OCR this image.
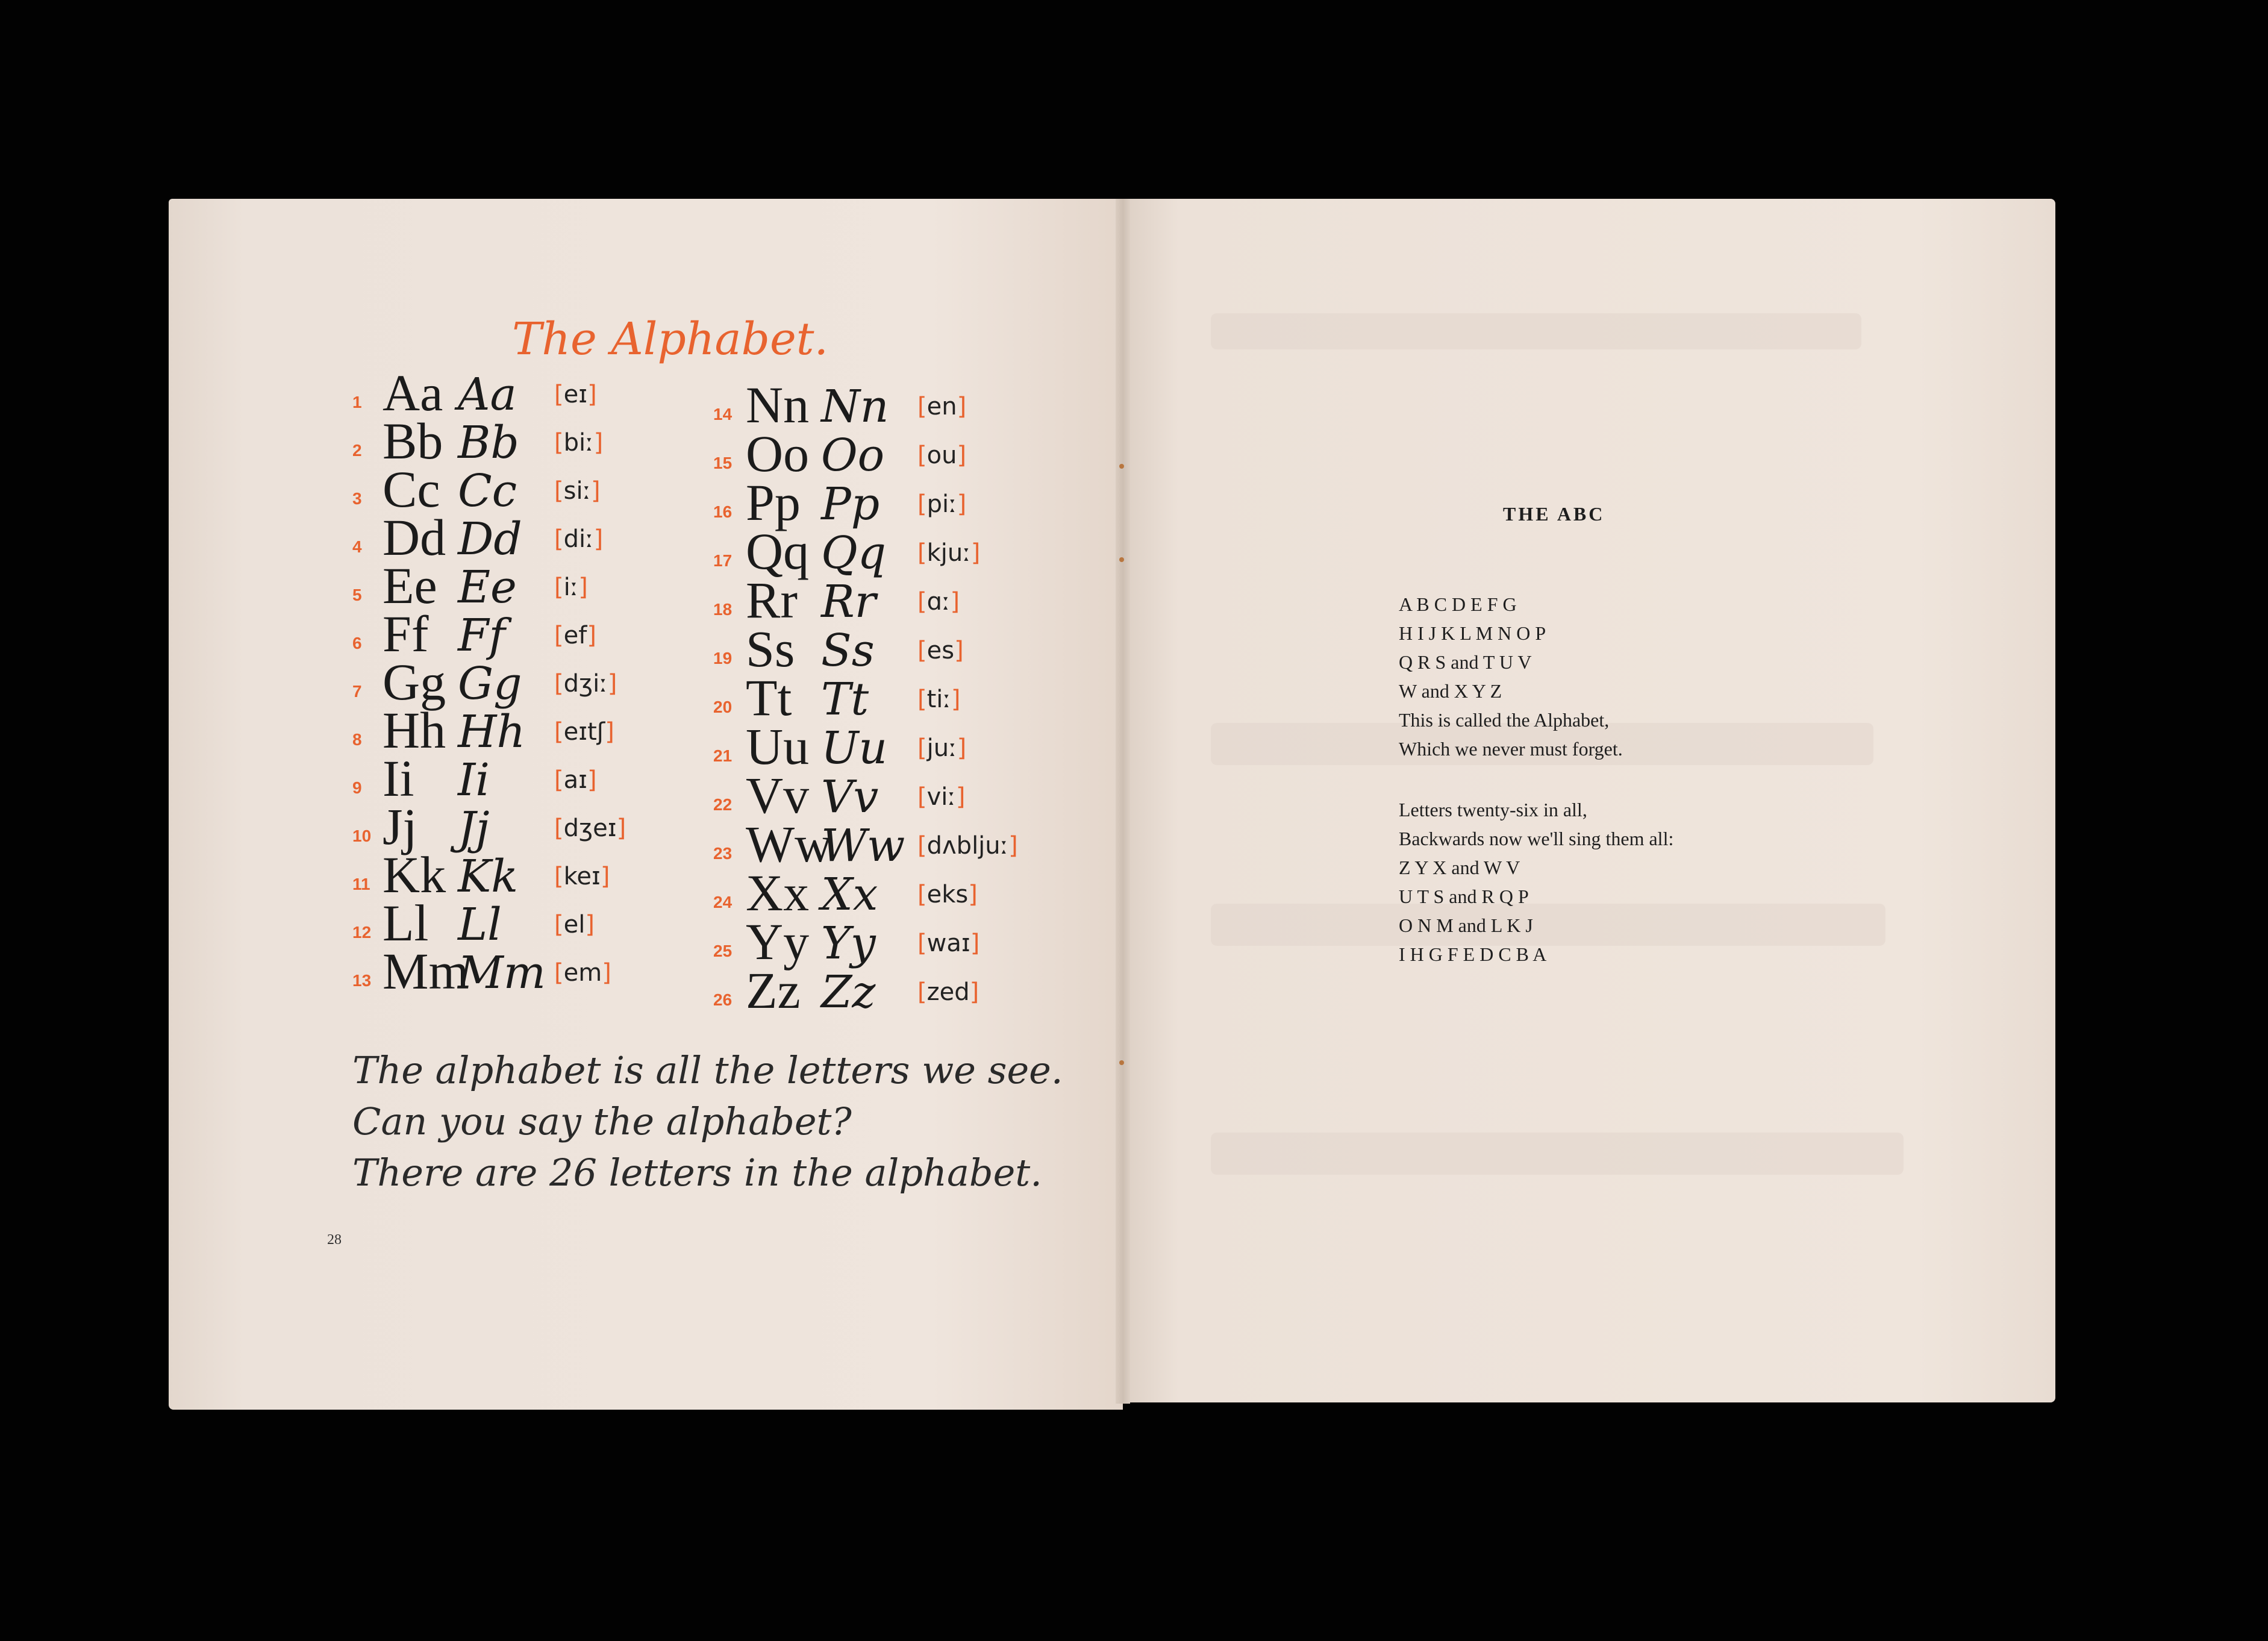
The Alphabet.
1 Aa Aa [eɪ]
2 Bb Bb [biː]
3 Cc Cc [siː]
4 Dd Dd [diː]
5 Ee Ee [iː]
6 Ff Ff [ef]
7 Gg Gg [dʒiː]
8 Hh Hh [eɪtʃ]
9 Ii Ii	[aɪ]
10 Jj Jj	[dʒeɪ]
11 Kk Kk [keɪ]
12 Ll Ll [el]
13 Mm
Mm [em]
14 Nn Nn [en]
15 Oo Oo [ou]
16 Pp Pp [piː]
17 Qq Qq [kjuː]
18 Rr Rr [ɑː]
19 Ss Ss [es]
20 Tt Tt [tiː]
21 Uu Uu [juː]
22 Vv Vv [viː]
23 Ww
Ww [dʌbljuː]
24 Xx Xx [eks]
25 Yy Yy [waɪ]
26 Zz Zz [zed]
The alphabet is all the letters we see.
Can you say the alphabet?
There are 26 letters in the alphabet.
28
THE ABC
A B C D E F G
H I J K L M N O P
Q R S and T U V
W and X Y Z
This is called the Alphabet,
Which we never must forget.
Letters twenty-six in all,
Backwards now we'll sing them all:
Z Y X and W V
U T S and R Q P
O N M and L K J
I H G F E D C B A
